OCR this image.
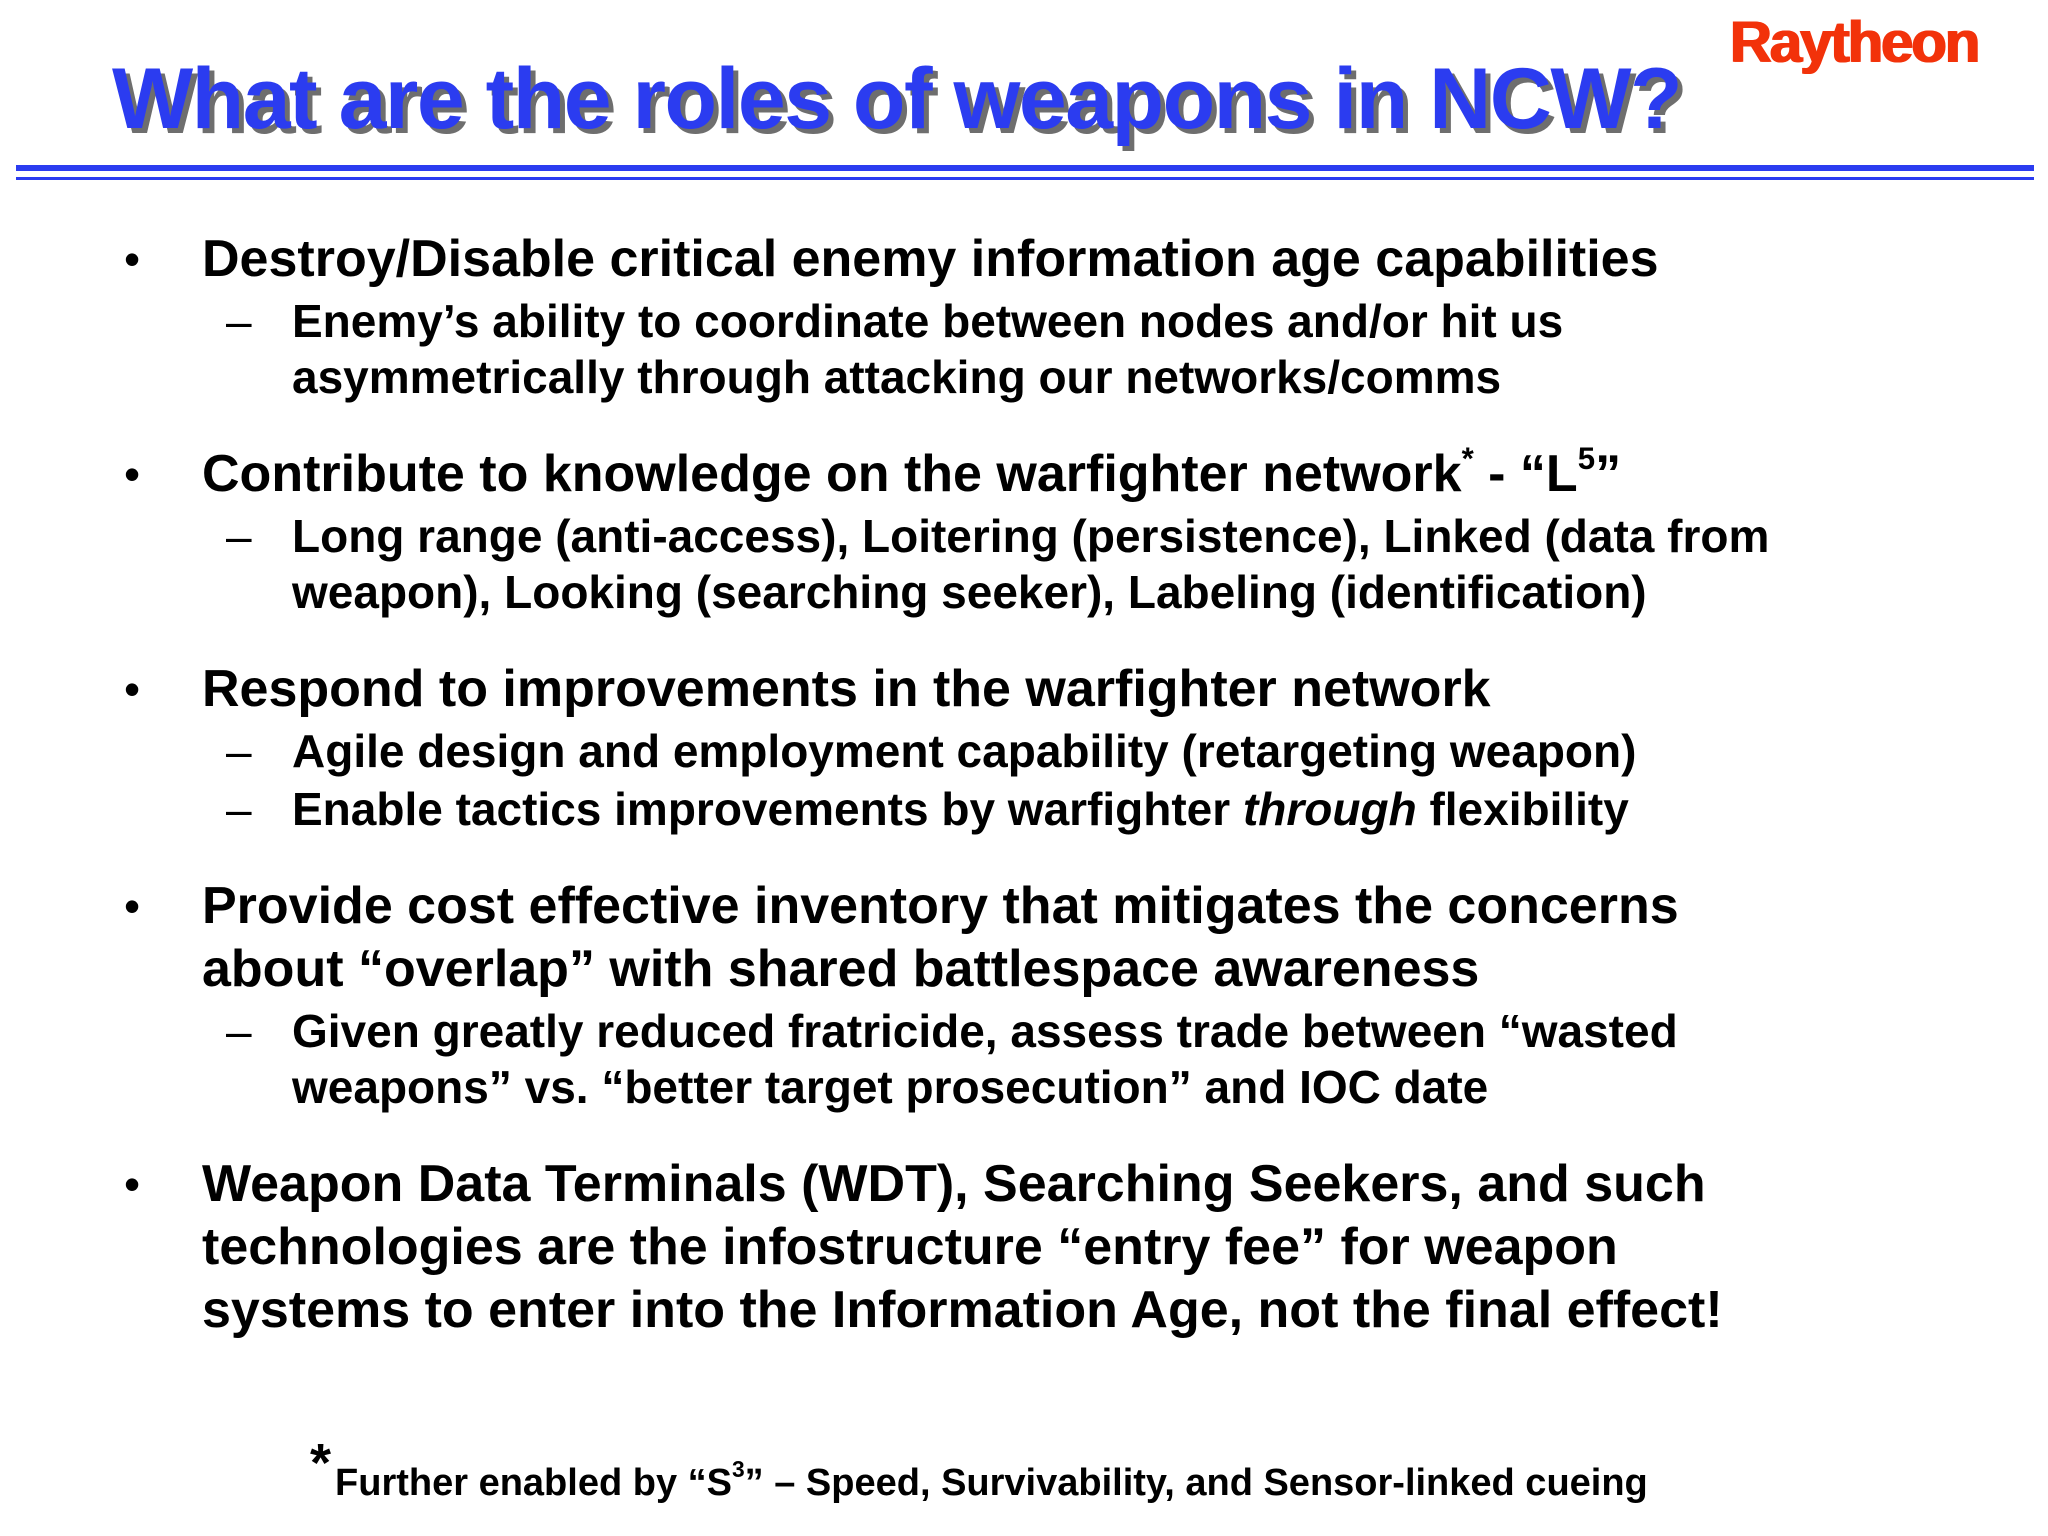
Raytheon
What are the roles of weapons in NCW?
• Destroy/Disable critical enemy information age capabilities
– Enemy’s ability to coordinate between nodes and/or hit us
asymmetrically through attacking our networks/comms
• Contribute to knowledge on the warfighter network* - “$L^5$”
– Long range (anti-access), Loitering (persistence), Linked (data from
weapon), Looking (searching seeker), Labeling (identification)
• Respond to improvements in the warfighter network
– Agile design and employment capability (retargeting weapon)
– Enable tactics improvements by warfighter through flexibility
• Provide cost effective inventory that mitigates the concerns
about “overlap” with shared battlespace awareness
– Given greatly reduced fratricide, assess trade between “wasted
weapons” vs. “better target prosecution” and IOC date
• Weapon Data Terminals (WDT), Searching Seekers, and such
technologies are the infostructure “entry fee” for weapon
systems to enter into the Information Age, not the final effect!
* Further enabled by “$S^3$” – Speed, Survivability, and Sensor-linked cueing
